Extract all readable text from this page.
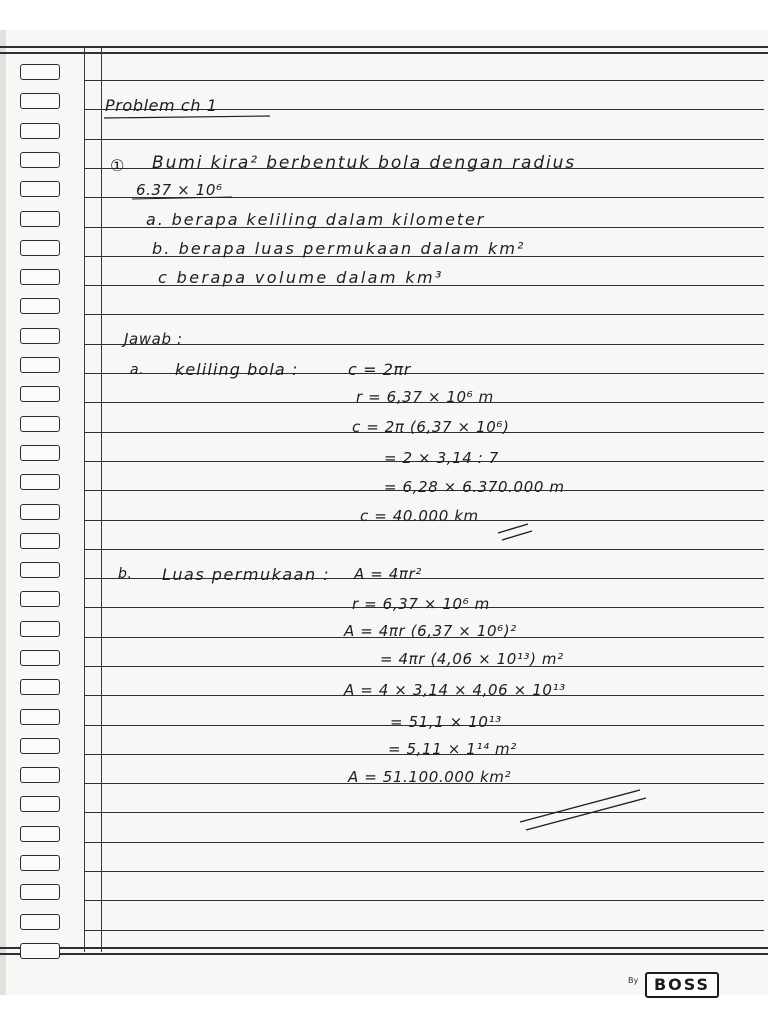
Problem ch 1
① Bumi kira² berbentuk bola dengan radius
6.37 × 10⁶
a. berapa keliling dalam kilometer
b. berapa luas permukaan dalam km²
c berapa volume dalam km³
Jawab :
a. keliling bola :	c = 2πr
r = 6,37 × 10⁶ m
c = 2π (6,37 × 10⁶)
= 2 × 3,14 : 7
= 6,28 × 6.370.000 m
c = 40.000 km
b. Luas permukaan : A = 4πr²
r = 6,37 × 10⁶ m
A = 4πr (6,37 × 10⁶)²
= 4πr (4,06 × 10¹³) m²
A = 4 × 3,14 × 4,06 × 10¹³
= 51,1 × 10¹³
= 5,11 × 1¹⁴ m²
A = 51.100.000 km²
By BOSS
